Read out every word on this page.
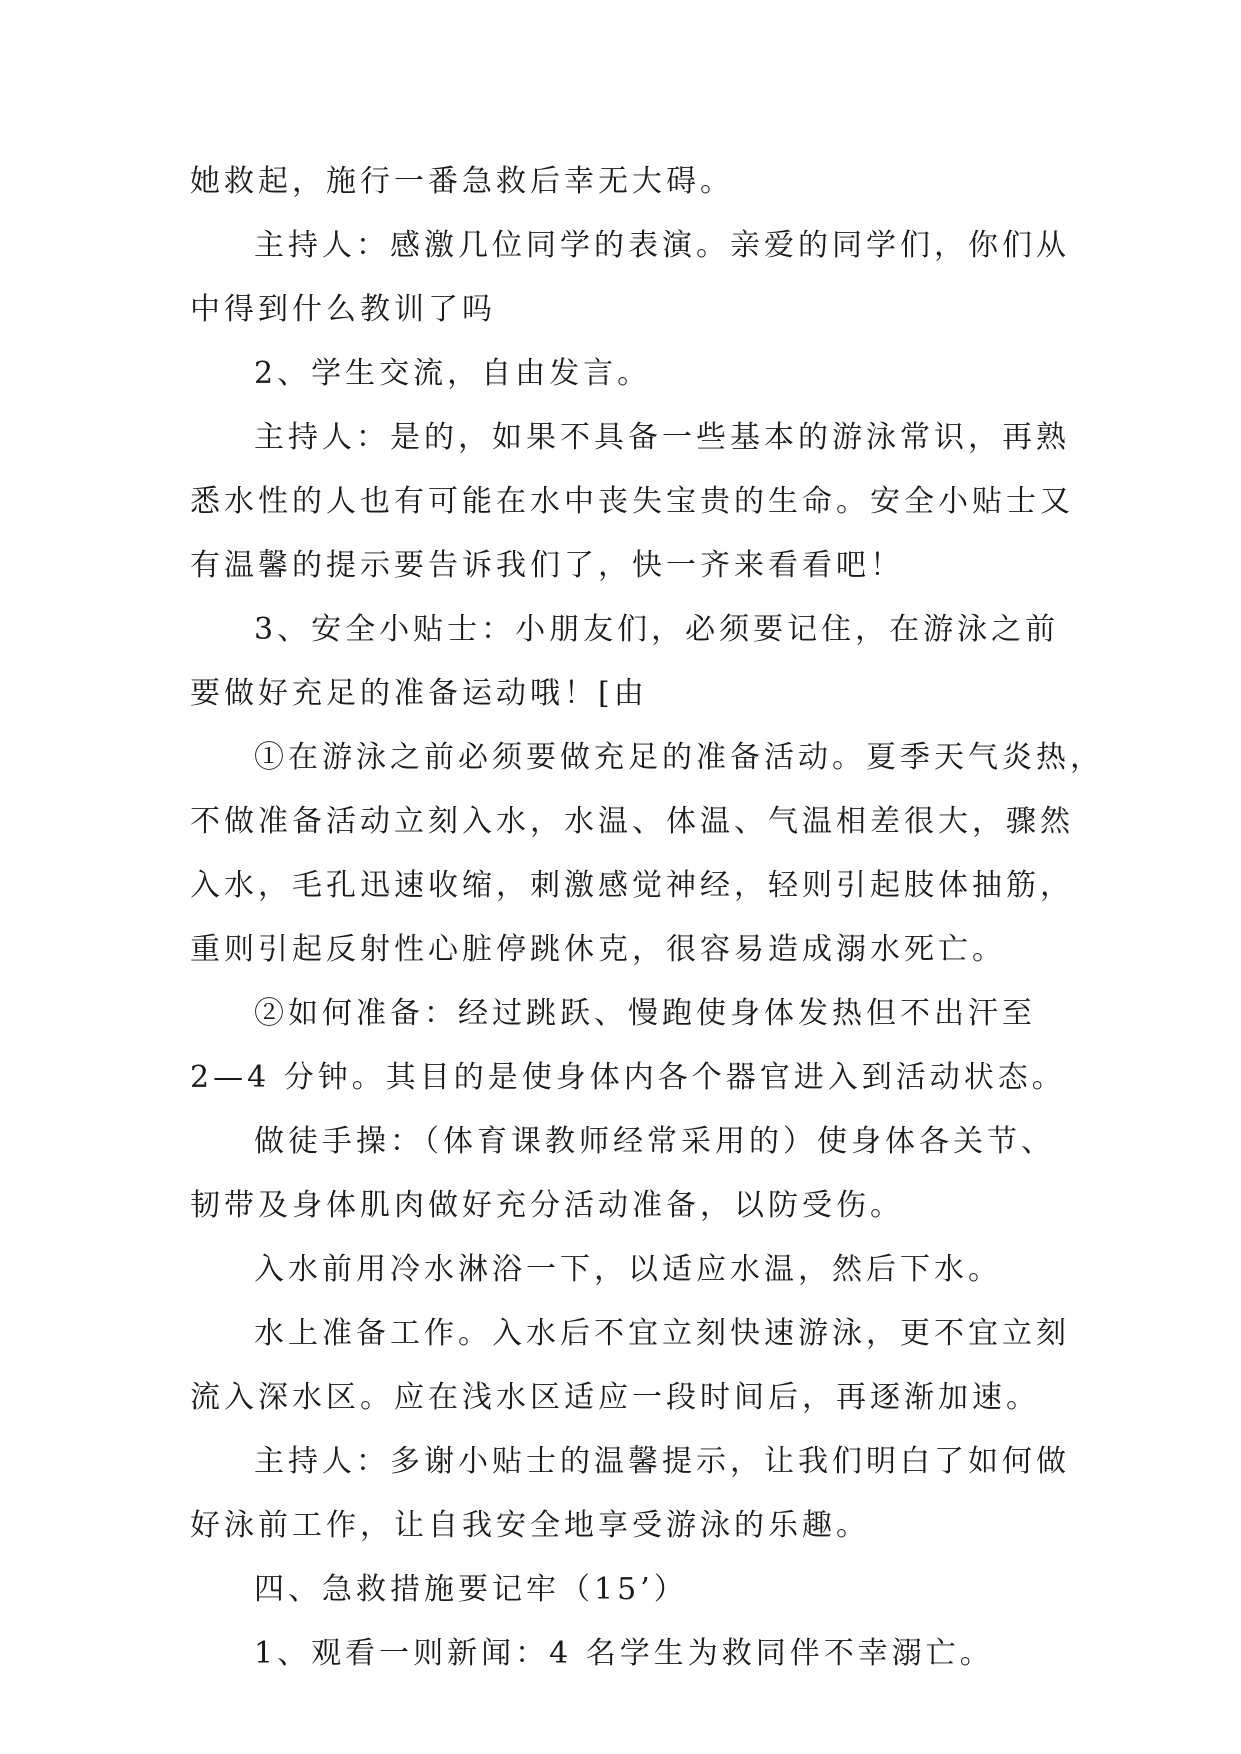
她救起，施行一番急救后幸无大碍。
主持人：感激几位同学的表演。亲爱的同学们，你们从
中得到什么教训了吗
2、学生交流，自由发言。
主持人：是的，如果不具备一些基本的游泳常识，再熟
悉水性的人也有可能在水中丧失宝贵的生命。安全小贴士又
有温馨的提示要告诉我们了，快一齐来看看吧！
3、安全小贴士：小朋友们，必须要记住，在游泳之前
要做好充足的准备运动哦！[由
①在游泳之前必须要做充足的准备活动。夏季天气炎热，
不做准备活动立刻入水，水温、体温、气温相差很大，骤然
入水，毛孔迅速收缩，刺激感觉神经，轻则引起肢体抽筋，
重则引起反射性心脏停跳休克，很容易造成溺水死亡。
②如何准备：经过跳跃、慢跑使身体发热但不出汗至
2—4 分钟。其目的是使身体内各个器官进入到活动状态。
做徒手操：（体育课教师经常采用的）使身体各关节、
韧带及身体肌肉做好充分活动准备，以防受伤。
入水前用冷水淋浴一下，以适应水温，然后下水。
水上准备工作。入水后不宜立刻快速游泳，更不宜立刻
流入深水区。应在浅水区适应一段时间后，再逐渐加速。
主持人：多谢小贴士的温馨提示，让我们明白了如何做
好泳前工作，让自我安全地享受游泳的乐趣。
四、急救措施要记牢（15’）
1、观看一则新闻：4 名学生为救同伴不幸溺亡。
